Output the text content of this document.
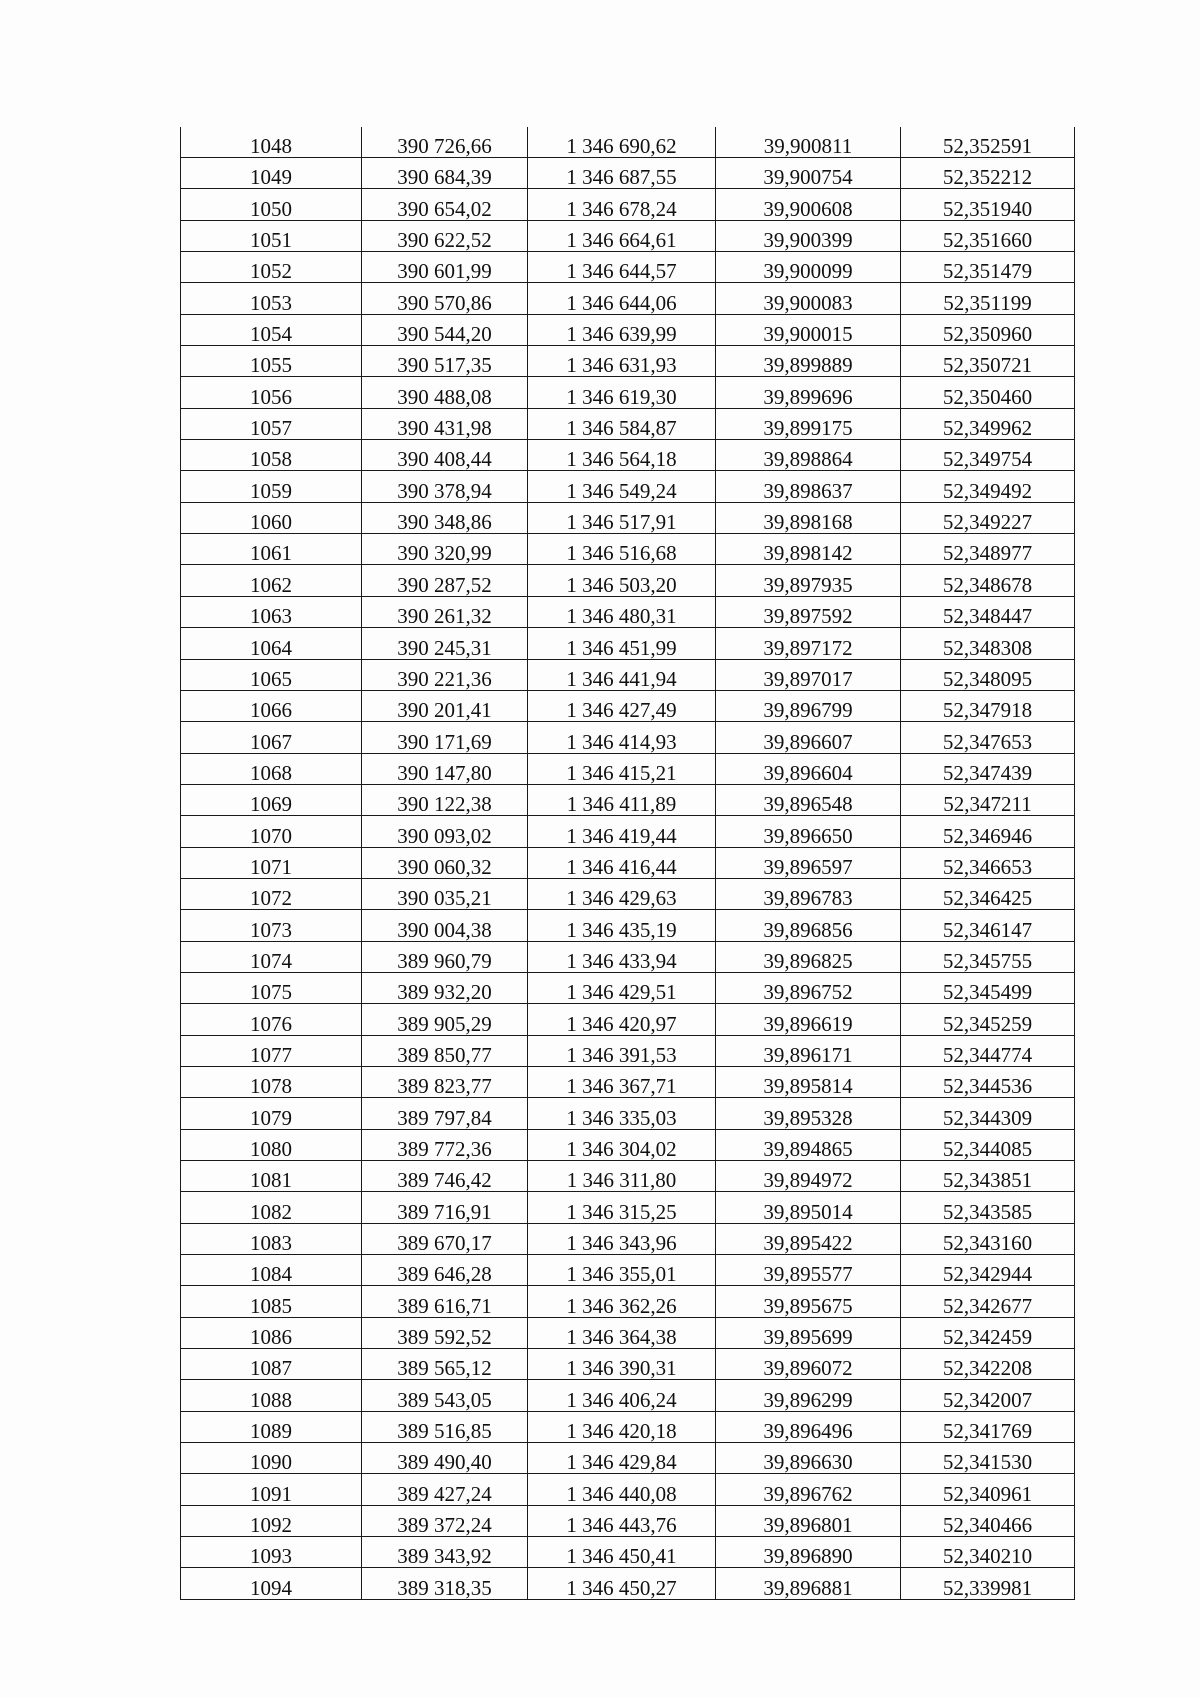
1048	390 726,66	1 346 690,62	39,900811	52,352591
1049	390 684,39	1 346 687,55	39,900754	52,352212
1050	390 654,02	1 346 678,24	39,900608	52,351940
1051	390 622,52	1 346 664,61	39,900399	52,351660
1052	390 601,99	1 346 644,57	39,900099	52,351479
1053	390 570,86	1 346 644,06	39,900083	52,351199
1054	390 544,20	1 346 639,99	39,900015	52,350960
1055	390 517,35	1 346 631,93	39,899889	52,350721
1056	390 488,08	1 346 619,30	39,899696	52,350460
1057	390 431,98	1 346 584,87	39,899175	52,349962
1058	390 408,44	1 346 564,18	39,898864	52,349754
1059	390 378,94	1 346 549,24	39,898637	52,349492
1060	390 348,86	1 346 517,91	39,898168	52,349227
1061	390 320,99	1 346 516,68	39,898142	52,348977
1062	390 287,52	1 346 503,20	39,897935	52,348678
1063	390 261,32	1 346 480,31	39,897592	52,348447
1064	390 245,31	1 346 451,99	39,897172	52,348308
1065	390 221,36	1 346 441,94	39,897017	52,348095
1066	390 201,41	1 346 427,49	39,896799	52,347918
1067	390 171,69	1 346 414,93	39,896607	52,347653
1068	390 147,80	1 346 415,21	39,896604	52,347439
1069	390 122,38	1 346 411,89	39,896548	52,347211
1070	390 093,02	1 346 419,44	39,896650	52,346946
1071	390 060,32	1 346 416,44	39,896597	52,346653
1072	390 035,21	1 346 429,63	39,896783	52,346425
1073	390 004,38	1 346 435,19	39,896856	52,346147
1074	389 960,79	1 346 433,94	39,896825	52,345755
1075	389 932,20	1 346 429,51	39,896752	52,345499
1076	389 905,29	1 346 420,97	39,896619	52,345259
1077	389 850,77	1 346 391,53	39,896171	52,344774
1078	389 823,77	1 346 367,71	39,895814	52,344536
1079	389 797,84	1 346 335,03	39,895328	52,344309
1080	389 772,36	1 346 304,02	39,894865	52,344085
1081	389 746,42	1 346 311,80	39,894972	52,343851
1082	389 716,91	1 346 315,25	39,895014	52,343585
1083	389 670,17	1 346 343,96	39,895422	52,343160
1084	389 646,28	1 346 355,01	39,895577	52,342944
1085	389 616,71	1 346 362,26	39,895675	52,342677
1086	389 592,52	1 346 364,38	39,895699	52,342459
1087	389 565,12	1 346 390,31	39,896072	52,342208
1088	389 543,05	1 346 406,24	39,896299	52,342007
1089	389 516,85	1 346 420,18	39,896496	52,341769
1090	389 490,40	1 346 429,84	39,896630	52,341530
1091	389 427,24	1 346 440,08	39,896762	52,340961
1092	389 372,24	1 346 443,76	39,896801	52,340466
1093	389 343,92	1 346 450,41	39,896890	52,340210
1094	389 318,35	1 346 450,27	39,896881	52,339981
